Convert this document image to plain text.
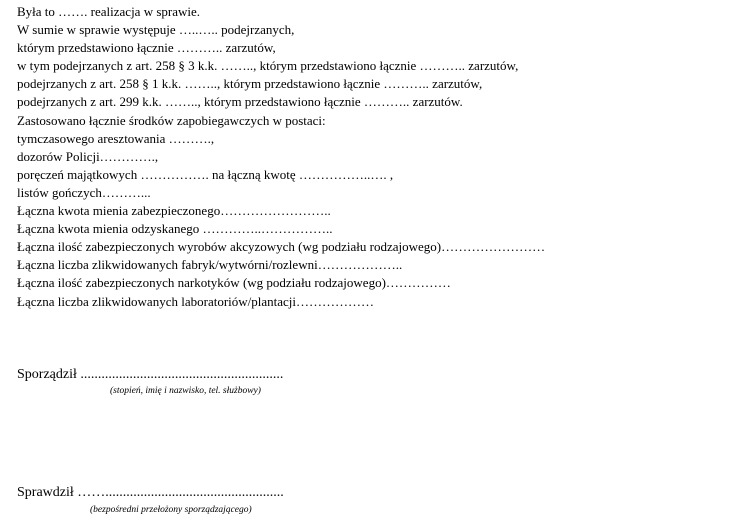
Była to ……. realizacja w sprawie.
W sumie w sprawie występuje …..….. podejrzanych,
którym przedstawiono łącznie ……….. zarzutów,
w tym podejrzanych z art. 258 § 3 k.k. …….., którym przedstawiono łącznie ……….. zarzutów,
podejrzanych z art. 258 § 1 k.k. …….., którym przedstawiono łącznie ……….. zarzutów,
podejrzanych z art. 299 k.k. …….., którym przedstawiono łącznie ……….. zarzutów.
Zastosowano łącznie środków zapobiegawczych w postaci:
tymczasowego aresztowania ……….,
dozorów Policji………….,
poręczeń majątkowych ……………. na łączną kwotę ……………..…. ,
listów gończych………...
Łączna kwota mienia zabezpieczonego……………………..
Łączna kwota mienia odzyskanego …………..……………..
Łączna ilość zabezpieczonych wyrobów akcyzowych (wg podziału rodzajowego)……………………
Łączna liczba zlikwidowanych fabryk/wytwórni/rozlewni………………..
Łączna ilość zabezpieczonych narkotyków (wg podziału rodzajowego)……………
Łączna liczba zlikwidowanych laboratoriów/plantacji………………
Sporządził ..........................................................
(stopień, imię i nazwisko, tel. służbowy)
Sprawdził ……...................................................
(bezpośredni przełożony sporządzającego)
